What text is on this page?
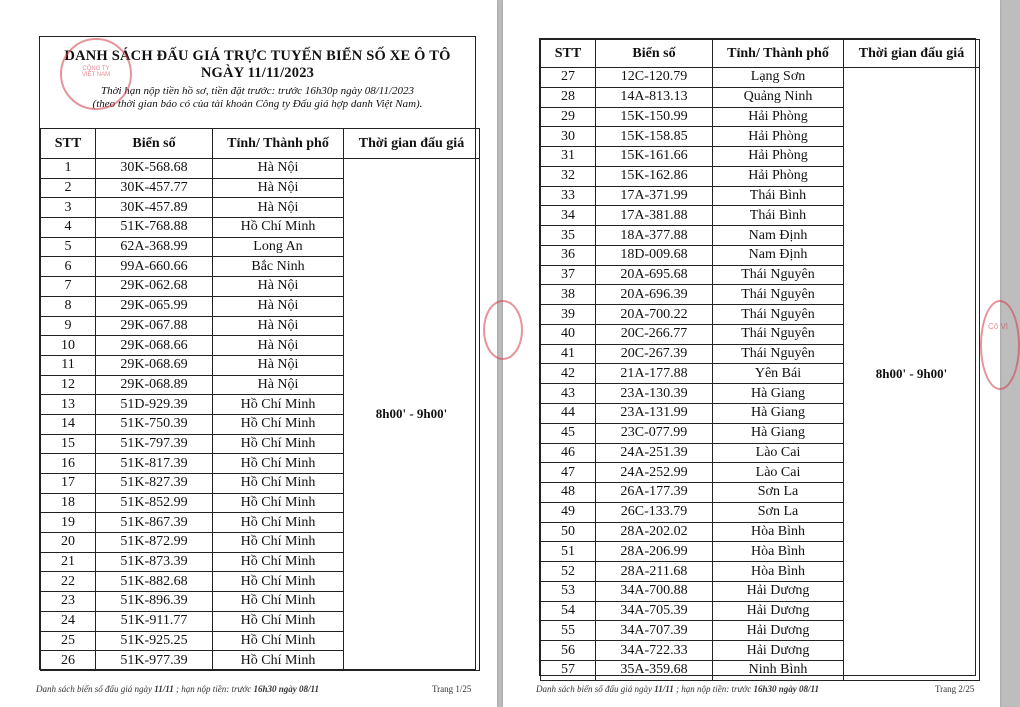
DANH SÁCH ĐẤU GIÁ TRỰC TUYẾN BIỂN SỐ XE Ô TÔ
NGÀY 11/11/2023
Thời hạn nộp tiền hồ sơ, tiền đặt trước: trước 16h30p ngày 08/11/2023
(theo thời gian báo có của tài khoản Công ty Đấu giá hợp danh Việt Nam).
STT	Biển số	Tỉnh/ Thành phố	Thời gian đấu giá
1	30K-568.68	Hà Nội	8h00' - 9h00'
2	30K-457.77	Hà Nội	
3	30K-457.89	Hà Nội	
4	51K-768.88	Hồ Chí Minh	
5	62A-368.99	Long An	
6	99A-660.66	Bắc Ninh	
7	29K-062.68	Hà Nội	
8	29K-065.99	Hà Nội	
9	29K-067.88	Hà Nội	
10	29K-068.66	Hà Nội	
11	29K-068.69	Hà Nội	
12	29K-068.89	Hà Nội	
13	51D-929.39	Hồ Chí Minh	
14	51K-750.39	Hồ Chí Minh	
15	51K-797.39	Hồ Chí Minh	
16	51K-817.39	Hồ Chí Minh	
17	51K-827.39	Hồ Chí Minh	
18	51K-852.99	Hồ Chí Minh	
19	51K-867.39	Hồ Chí Minh	
20	51K-872.99	Hồ Chí Minh	
21	51K-873.39	Hồ Chí Minh	
22	51K-882.68	Hồ Chí Minh	
23	51K-896.39	Hồ Chí Minh	
24	51K-911.77	Hồ Chí Minh	
25	51K-925.25	Hồ Chí Minh	
26	51K-977.39	Hồ Chí Minh	
CÔNG TY
VIỆT NAM
Danh sách biển số đấu giá ngày 11/11 ; hạn nộp tiền: trước 16h30 ngày 08/11	Trang 1/25
STT	Biển số	Tỉnh/ Thành phố	Thời gian đấu giá
27	12C-120.79	Lạng Sơn	8h00' - 9h00'
28	14A-813.13	Quảng Ninh	
29	15K-150.99	Hải Phòng	
30	15K-158.85	Hải Phòng	
31	15K-161.66	Hải Phòng	
32	15K-162.86	Hải Phòng	
33	17A-371.99	Thái Bình	
34	17A-381.88	Thái Bình	
35	18A-377.88	Nam Định	
36	18D-009.68	Nam Định	
37	20A-695.68	Thái Nguyên	
38	20A-696.39	Thái Nguyên	
39	20A-700.22	Thái Nguyên	
40	20C-266.77	Thái Nguyên	
41	20C-267.39	Thái Nguyên	
42	21A-177.88	Yên Bái	
43	23A-130.39	Hà Giang	
44	23A-131.99	Hà Giang	
45	23C-077.99	Hà Giang	
46	24A-251.39	Lào Cai	
47	24A-252.99	Lào Cai	
48	26A-177.39	Sơn La	
49	26C-133.79	Sơn La	
50	28A-202.02	Hòa Bình	
51	28A-206.99	Hòa Bình	
52	28A-211.68	Hòa Bình	
53	34A-700.88	Hải Dương	
54	34A-705.39	Hải Dương	
55	34A-707.39	Hải Dương	
56	34A-722.33	Hải Dương	
57	35A-359.68	Ninh Bình	
Danh sách biển số đấu giá ngày 11/11 ; hạn nộp tiền: trước 16h30 ngày 08/11	Trang 2/25
Cô VI
